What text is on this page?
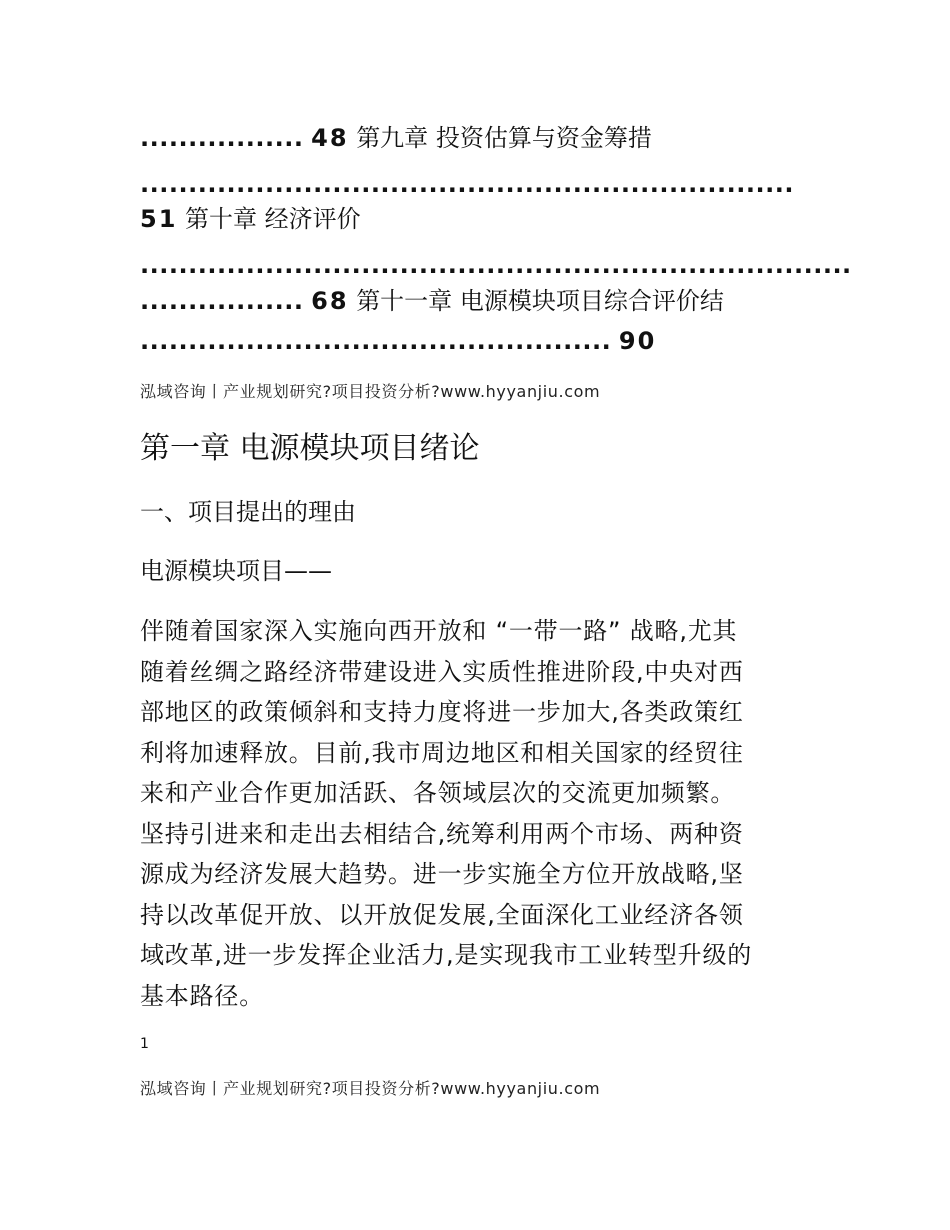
................. 48 第九章 投资估算与资金筹措
....................................................................
51 第十章 经济评价
..........................................................................
................. 68 第十一章 电源模块项目综合评价结
................................................. 90
泓域咨询丨产业规划研究?项目投资分析?www.hyyanjiu.com
第一章 电源模块项目绪论
一、项目提出的理由
电源模块项目——
伴随着国家深入实施向西开放和 “一带一路” 战略,尤其
随着丝绸之路经济带建设进入实质性推进阶段,中央对西
部地区的政策倾斜和支持力度将进一步加大,各类政策红
利将加速释放。目前,我市周边地区和相关国家的经贸往
来和产业合作更加活跃、各领域层次的交流更加频繁。
坚持引进来和走出去相结合,统筹利用两个市场、两种资
源成为经济发展大趋势。进一步实施全方位开放战略,坚
持以改革促开放、以开放促发展,全面深化工业经济各领
域改革,进一步发挥企业活力,是实现我市工业转型升级的
基本路径。
1
泓域咨询丨产业规划研究?项目投资分析?www.hyyanjiu.com
